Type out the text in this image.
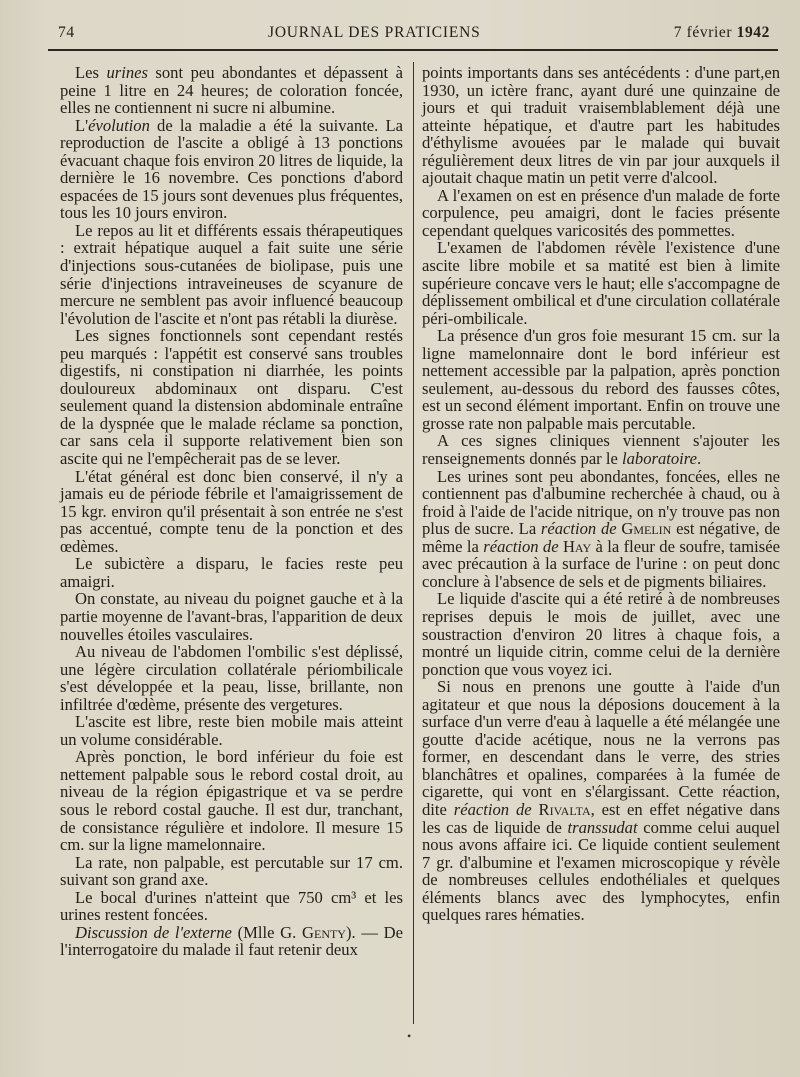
74	JOURNAL DES PRATICIENS	7 février 1942

Les urines sont peu abondantes et dépassent à peine 1 litre en 24 heures; de coloration foncée, elles ne contiennent ni sucre ni albumine.

L'évolution de la maladie a été la suivante. La reproduction de l'ascite a obligé à 13 ponctions évacuant chaque fois environ 20 litres de liquide, la dernière le 16 novembre. Ces ponctions d'abord espacées de 15 jours sont devenues plus fréquentes, tous les 10 jours environ.

Le repos au lit et différents essais thérapeutiques : extrait hépatique auquel a fait suite une série d'injections sous-cutanées de biolipase, puis une série d'injections intraveineuses de scyanure de mercure ne semblent pas avoir influencé beaucoup l'évolution de l'ascite et n'ont pas rétabli la diurèse.

Les signes fonctionnels sont cependant restés peu marqués : l'appétit est conservé sans troubles digestifs, ni constipation ni diarrhée, les points douloureux abdominaux ont disparu. C'est seulement quand la distension abdominale entraîne de la dyspnée que le malade réclame sa ponction, car sans cela il supporte relativement bien son ascite qui ne l'empêcherait pas de se lever.

L'état général est donc bien conservé, il n'y a jamais eu de période fébrile et l'amaigrissement de 15 kgr. environ qu'il présentait à son entrée ne s'est pas accentué, compte tenu de la ponction et des œdèmes.

Le subictère a disparu, le facies reste peu amaigri.

On constate, au niveau du poignet gauche et à la partie moyenne de l'avant-bras, l'apparition de deux nouvelles étoiles vasculaires.

Au niveau de l'abdomen l'ombilic s'est déplissé, une légère circulation collatérale périombilicale s'est développée et la peau, lisse, brillante, non infiltrée d'œdème, présente des vergetures.

L'ascite est libre, reste bien mobile mais atteint un volume considérable.

Après ponction, le bord inférieur du foie est nettement palpable sous le rebord costal droit, au niveau de la région épigastrique et va se perdre sous le rebord costal gauche. Il est dur, tranchant, de consistance régulière et indolore. Il mesure 15 cm. sur la ligne mamelonnaire.

La rate, non palpable, est percutable sur 17 cm. suivant son grand axe.

Le bocal d'urines n'atteint que 750 cm³ et les urines restent foncées.

Discussion de l'externe (Mlle G. Genty). — De l'interrogatoire du malade il faut retenir deux

points importants dans ses antécédents : d'une part,en 1930, un ictère franc, ayant duré une quinzaine de jours et qui traduit vraisemblablement déjà une atteinte hépatique, et d'autre part les habitudes d'éthylisme avouées par le malade qui buvait régulièrement deux litres de vin par jour auxquels il ajoutait chaque matin un petit verre d'alcool.

A l'examen on est en présence d'un malade de forte corpulence, peu amaigri, dont le facies présente cependant quelques varicosités des pommettes.

L'examen de l'abdomen révèle l'existence d'une ascite libre mobile et sa matité est bien à limite supérieure concave vers le haut; elle s'accompagne de déplissement ombilical et d'une circulation collatérale péri-ombilicale.

La présence d'un gros foie mesurant 15 cm. sur la ligne mamelonnaire dont le bord inférieur est nettement accessible par la palpation, après ponction seulement, au-dessous du rebord des fausses côtes, est un second élément important. Enfin on trouve une grosse rate non palpable mais percutable.

A ces signes cliniques viennent s'ajouter les renseignements donnés par le laboratoire.

Les urines sont peu abondantes, foncées, elles ne contiennent pas d'albumine recherchée à chaud, ou à froid à l'aide de l'acide nitrique, on n'y trouve pas non plus de sucre. La réaction de Gmelin est négative, de même la réaction de Hay à la fleur de soufre, tamisée avec précaution à la surface de l'urine : on peut donc conclure à l'absence de sels et de pigments biliaires.

Le liquide d'ascite qui a été retiré à de nombreuses reprises depuis le mois de juillet, avec une soustraction d'environ 20 litres à chaque fois, a montré un liquide citrin, comme celui de la dernière ponction que vous voyez ici.

Si nous en prenons une goutte à l'aide d'un agitateur et que nous la déposions doucement à la surface d'un verre d'eau à laquelle a été mélangée une goutte d'acide acétique, nous ne la verrons pas former, en descendant dans le verre, des stries blanchâtres et opalines, comparées à la fumée de cigarette, qui vont en s'élargissant. Cette réaction, dite réaction de Rivalta, est en effet négative dans les cas de liquide de transsudat comme celui auquel nous avons affaire ici. Ce liquide contient seulement 7 gr. d'albumine et l'examen microscopique y révèle de nombreuses cellules endothéliales et quelques éléments blancs avec des lymphocytes, enfin quelques rares hématies.

•
